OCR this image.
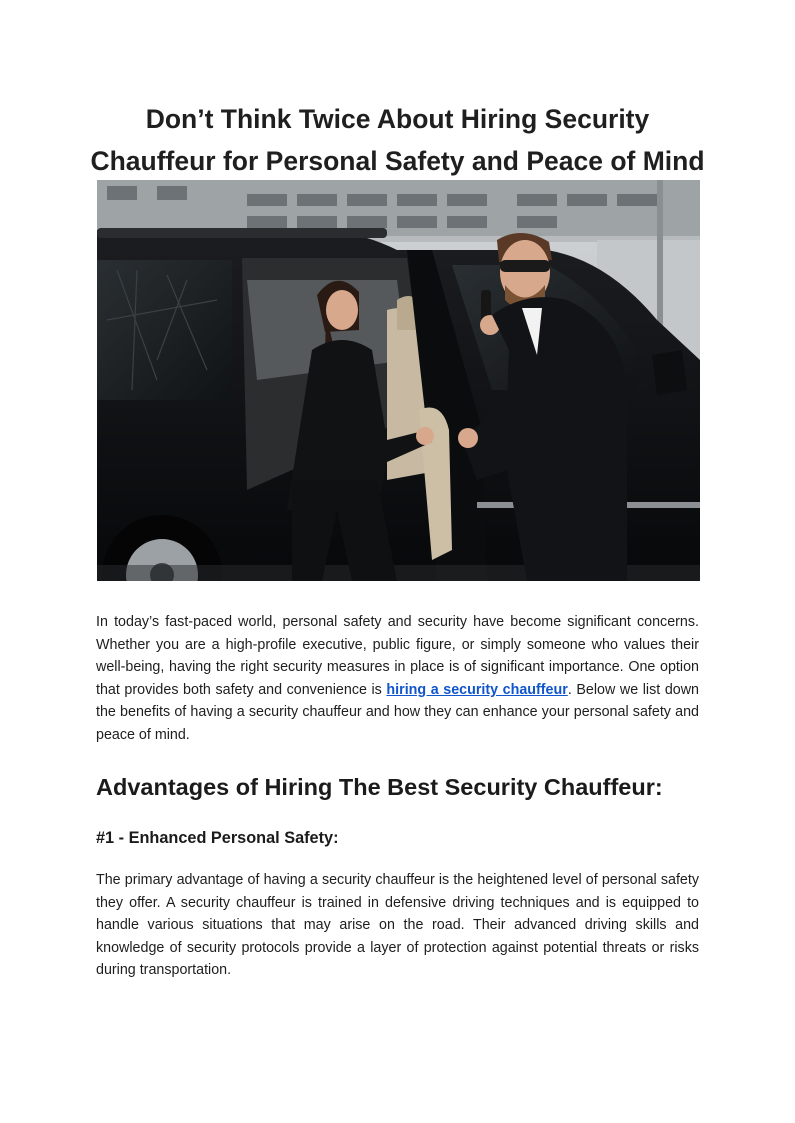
Don’t Think Twice About Hiring Security
Chauffeur for Personal Safety and Peace of Mind

In today’s fast-paced world, personal safety and security have become significant concerns. Whether you are a high-profile executive, public figure, or simply someone who values their well-being, having the right security measures in place is of significant importance. One option that provides both safety and convenience is hiring a security chauffeur. Below we list down the benefits of having a security chauffeur and how they can enhance your personal safety and peace of mind.

Advantages of Hiring The Best Security Chauffeur:
#1 - Enhanced Personal Safety:

The primary advantage of having a security chauffeur is the heightened level of personal safety they offer. A security chauffeur is trained in defensive driving techniques and is equipped to handle various situations that may arise on the road. Their advanced driving skills and knowledge of security protocols provide a layer of protection against potential threats or risks during transportation.
